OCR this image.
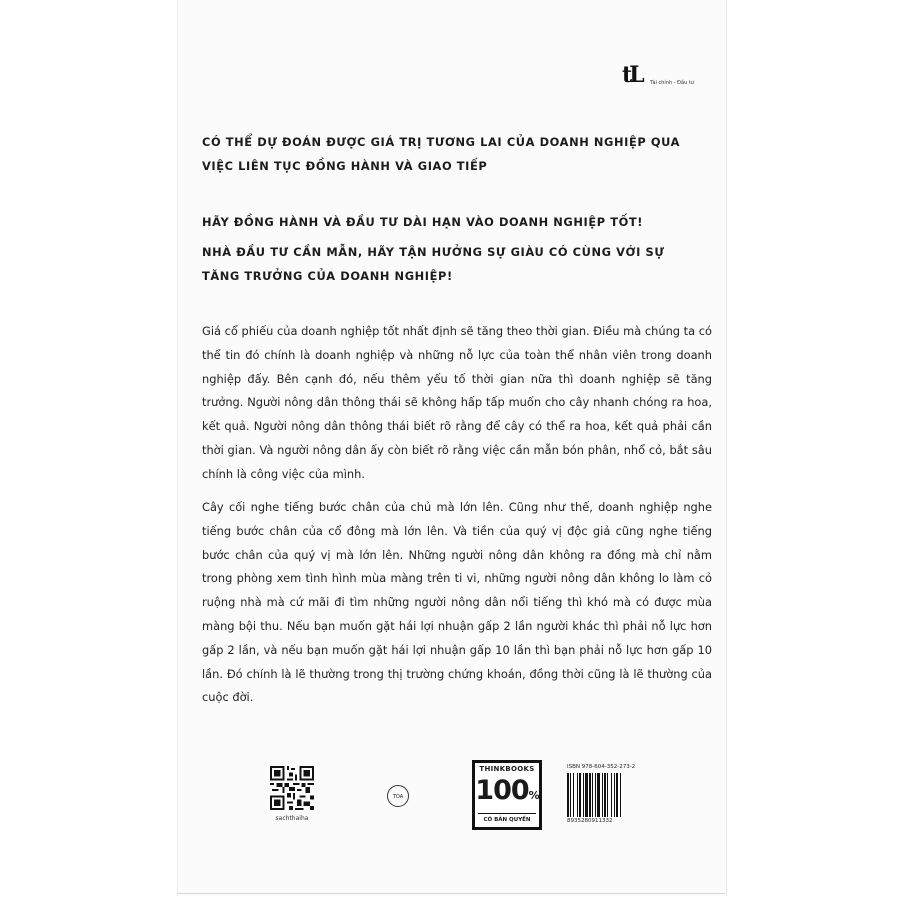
tL Tài chính - Đầu tư
CÓ THỂ DỰ ĐOÁN ĐƯỢC GIÁ TRỊ TƯƠNG LAI CỦA DOANH NGHIỆP QUA
VIỆC LIÊN TỤC ĐỒNG HÀNH VÀ GIAO TIẾP
HÃY ĐỒNG HÀNH VÀ ĐẦU TƯ DÀI HẠN VÀO DOANH NGHIỆP TỐT!
NHÀ ĐẦU TƯ CẦN MẪN, HÃY TẬN HƯỞNG SỰ GIÀU CÓ CÙNG VỚI SỰ
TĂNG TRƯỞNG CỦA DOANH NGHIỆP!
Giá cổ phiếu của doanh nghiệp tốt nhất định sẽ tăng theo thời gian. Điều mà chúng ta có thể tin đó chính là doanh nghiệp và những nỗ lực của toàn thể nhân viên trong doanh nghiệp đấy. Bên cạnh đó, nếu thêm yếu tố thời gian nữa thì doanh nghiệp sẽ tăng trưởng. Người nông dân thông thái sẽ không hấp tấp muốn cho cây nhanh chóng ra hoa, kết quả. Người nông dân thông thái biết rõ rằng để cây có thể ra hoa, kết quả phải cần thời gian. Và người nông dân ấy còn biết rõ rằng việc cần mẫn bón phân, nhổ cỏ, bắt sâu chính là công việc của mình.
Cây cối nghe tiếng bước chân của chủ mà lớn lên. Cũng như thế, doanh nghiệp nghe tiếng bước chân của cổ đông mà lớn lên. Và tiền của quý vị độc giả cũng nghe tiếng bước chân của quý vị mà lớn lên. Những người nông dân không ra đồng mà chỉ nằm trong phòng xem tình hình mùa màng trên ti vi, những người nông dân không lo làm cỏ ruộng nhà mà cứ mãi đi tìm những người nông dân nổi tiếng thì khó mà có được mùa màng bội thu. Nếu bạn muốn gặt hái lợi nhuận gấp 2 lần người khác thì phải nỗ lực hơn gấp 2 lần, và nếu bạn muốn gặt hái lợi nhuận gấp 10 lần thì bạn phải nỗ lực hơn gấp 10 lần. Đó chính là lẽ thường trong thị trường chứng khoán, đồng thời cũng là lẽ thường của cuộc đời.
sachthaiha
TOA
THINKBOOKS
100%
CÓ BẢN QUYỀN
ISBN 978-604-352-273-2
8935280911332
